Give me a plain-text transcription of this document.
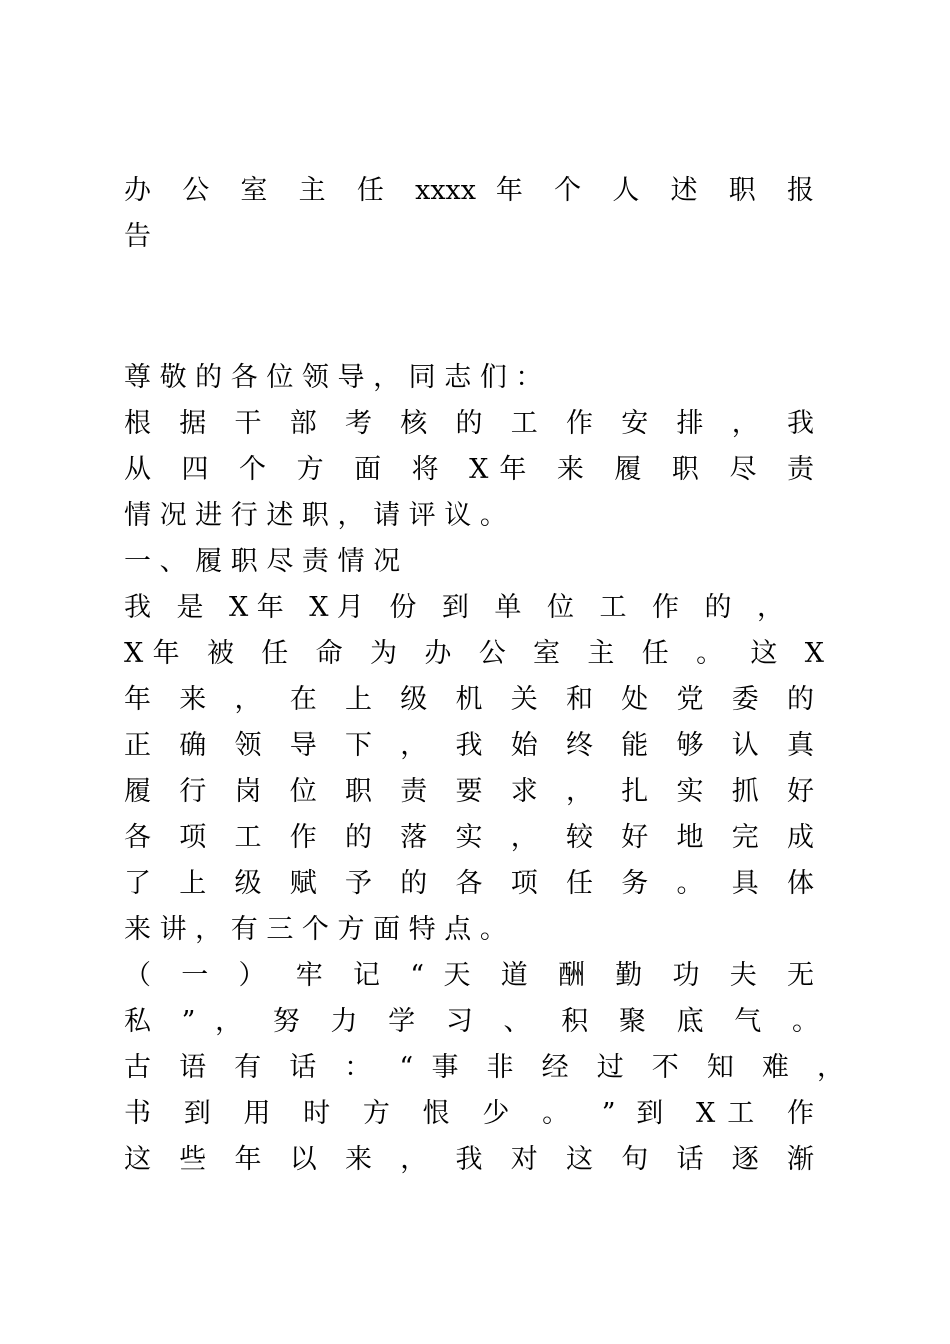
办 公 室 主 任 xxxx 年 个 人 述 职 报
告
尊 敬 的 各 位 领 导 ， 同 志 们 ：
根 据 干 部 考 核 的 工 作 安 排 ， 我
从 四 个 方 面 将 X年 来 履 职 尽 责
情 况 进 行 述 职 ， 请 评 议 。
一 、 履 职 尽 责 情 况
我 是 X年 X月 份 到 单 位 工 作 的 ，
X年 被 任 命 为 办 公 室 主 任 。 这 X
年 来 ， 在 上 级 机 关 和 处 党 委 的
正 确 领 导 下 ， 我 始 终 能 够 认 真
履 行 岗 位 职 责 要 求 ， 扎 实 抓 好
各 项 工 作 的 落 实 ， 较 好 地 完 成
了 上 级 赋 予 的 各 项 任 务 。 具 体
来 讲 ， 有 三 个 方 面 特 点 。
（ 一 ） 牢 记 “ 天 道 酬 勤 功 夫 无
私 ” ， 努 力 学 习 、 积 聚 底 气 。
古 语 有 话 ： “ 事 非 经 过 不 知 难 ，
书 到 用 时 方 恨 少 。 ” 到 X工 作
这 些 年 以 来 ， 我 对 这 句 话 逐 渐
